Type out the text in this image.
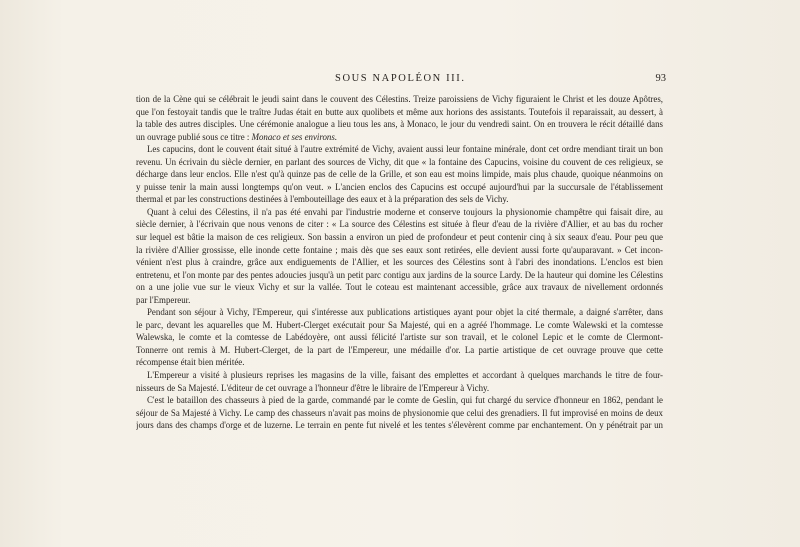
SOUS NAPOLÉON III.	93
tion de la Cène qui se célébrait le jeudi saint dans le couvent des Célestins. Treize paroissiens de Vichy figuraient le Christ et les douze Apôtres,
que l'on festoyait tandis que le traître Judas était en butte aux quolibets et même aux horions des assistants. Toutefois il reparaissait, au dessert, à
la table des autres disciples. Une cérémonie analogue a lieu tous les ans, à Monaco, le jour du vendredi saint. On en trouvera le récit détaillé dans
un ouvrage publié sous ce titre : Monaco et ses environs.
Les capucins, dont le couvent était situé à l'autre extrémité de Vichy, avaient aussi leur fontaine minérale, dont cet ordre mendiant tirait un bon
revenu. Un écrivain du siècle dernier, en parlant des sources de Vichy, dit que « la fontaine des Capucins, voisine du couvent de ces religieux, se
décharge dans leur enclos. Elle n'est qu'à quinze pas de celle de la Grille, et son eau est moins limpide, mais plus chaude, quoique néanmoins on
y puisse tenir la main aussi longtemps qu'on veut. » L'ancien enclos des Capucins est occupé aujourd'hui par la succursale de l'établissement
thermal et par les constructions destinées à l'embouteillage des eaux et à la préparation des sels de Vichy.
Quant à celui des Célestins, il n'a pas été envahi par l'industrie moderne et conserve toujours la physionomie champêtre qui faisait dire, au
siècle dernier, à l'écrivain que nous venons de citer : « La source des Célestins est située à fleur d'eau de la rivière d'Allier, et au bas du rocher
sur lequel est bâtie la maison de ces religieux. Son bassin a environ un pied de profondeur et peut contenir cinq à six seaux d'eau. Pour peu que
la rivière d'Allier grossisse, elle inonde cette fontaine ; mais dès que ses eaux sont retirées, elle devient aussi forte qu'auparavant. » Cet incon-
vénient n'est plus à craindre, grâce aux endiguements de l'Allier, et les sources des Célestins sont à l'abri des inondations. L'enclos est bien
entretenu, et l'on monte par des pentes adoucies jusqu'à un petit parc contigu aux jardins de la source Lardy. De la hauteur qui domine les Célestins
on a une jolie vue sur le vieux Vichy et sur la vallée. Tout le coteau est maintenant accessible, grâce aux travaux de nivellement ordonnés
par l'Empereur.
Pendant son séjour à Vichy, l'Empereur, qui s'intéresse aux publications artistiques ayant pour objet la cité thermale, a daigné s'arrêter, dans
le parc, devant les aquarelles que M. Hubert-Clerget exécutait pour Sa Majesté, qui en a agréé l'hommage. Le comte Walewski et la comtesse
Walewska, le comte et la comtesse de Labédoyère, ont aussi félicité l'artiste sur son travail, et le colonel Lepic et le comte de Clermont-
Tonnerre ont remis à M. Hubert-Clerget, de la part de l'Empereur, une médaille d'or. La partie artistique de cet ouvrage prouve que cette
récompense était bien méritée.
L'Empereur a visité à plusieurs reprises les magasins de la ville, faisant des emplettes et accordant à quelques marchands le titre de four-
nisseurs de Sa Majesté. L'éditeur de cet ouvrage a l'honneur d'être le libraire de l'Empereur à Vichy.
C'est le bataillon des chasseurs à pied de la garde, commandé par le comte de Geslin, qui fut chargé du service d'honneur en 1862, pendant le
séjour de Sa Majesté à Vichy. Le camp des chasseurs n'avait pas moins de physionomie que celui des grenadiers. Il fut improvisé en moins de deux
jours dans des champs d'orge et de luzerne. Le terrain en pente fut nivelé et les tentes s'élevèrent comme par enchantement. On y pénétrait par un
